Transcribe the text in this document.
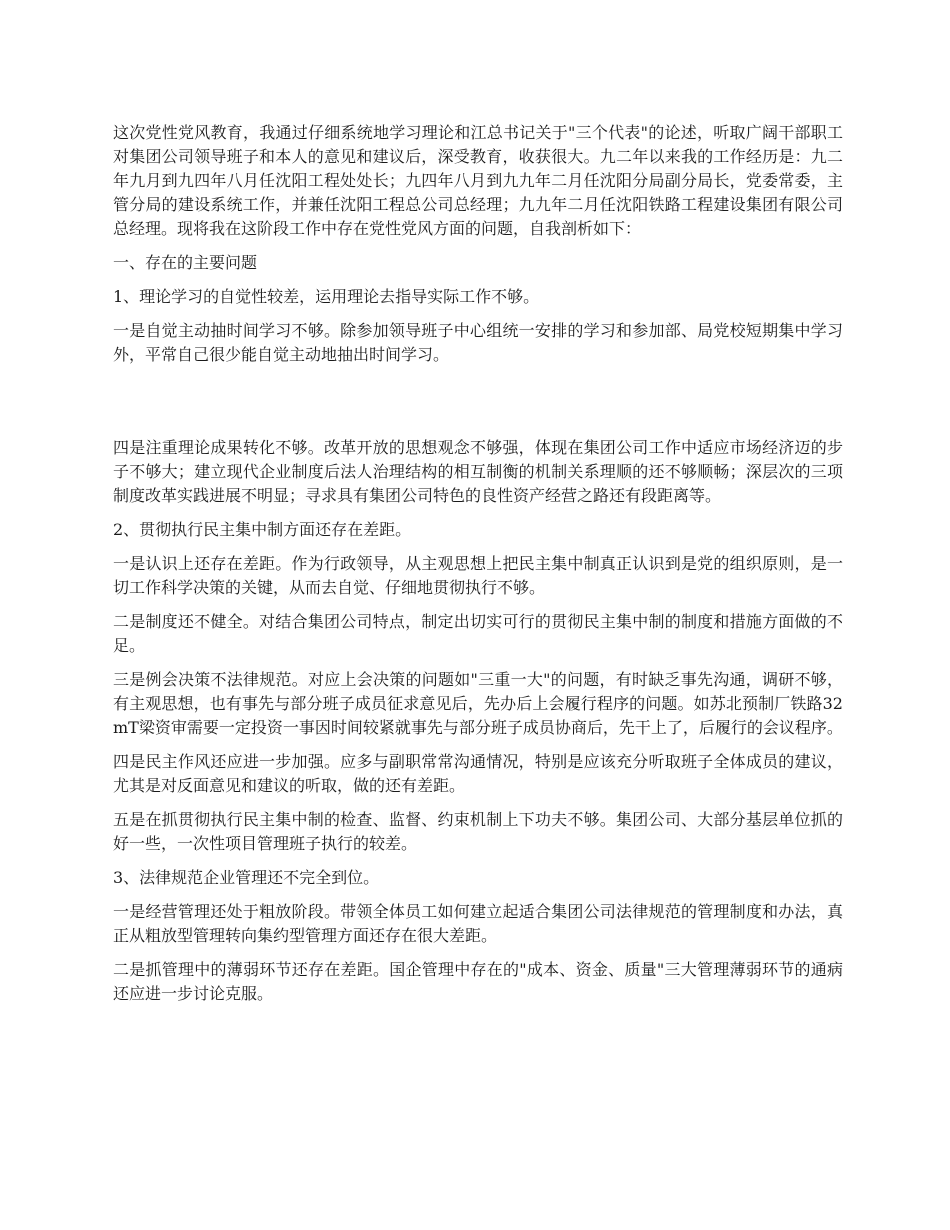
这次党性党风教育，我通过仔细系统地学习理论和江总书记关于"三个代表"的论述，听取广阔干部职工对集团公司领导班子和本人的意见和建议后，深受教育，收获很大。九二年以来我的工作经历是：九二年九月到九四年八月任沈阳工程处处长；九四年八月到九九年二月任沈阳分局副分局长，党委常委，主管分局的建设系统工作，并兼任沈阳工程总公司总经理；九九年二月任沈阳铁路工程建设集团有限公司总经理。现将我在这阶段工作中存在党性党风方面的问题，自我剖析如下：

一、存在的主要问题

1、理论学习的自觉性较差，运用理论去指导实际工作不够。

一是自觉主动抽时间学习不够。除参加领导班子中心组统一安排的学习和参加部、局党校短期集中学习外，平常自己很少能自觉主动地抽出时间学习。

四是注重理论成果转化不够。改革开放的思想观念不够强，体现在集团公司工作中适应市场经济迈的步子不够大；建立现代企业制度后法人治理结构的相互制衡的机制关系理顺的还不够顺畅；深层次的三项制度改革实践进展不明显；寻求具有集团公司特色的良性资产经营之路还有段距离等。

2、贯彻执行民主集中制方面还存在差距。

一是认识上还存在差距。作为行政领导，从主观思想上把民主集中制真正认识到是党的组织原则，是一切工作科学决策的关键，从而去自觉、仔细地贯彻执行不够。

二是制度还不健全。对结合集团公司特点，制定出切实可行的贯彻民主集中制的制度和措施方面做的不足。

三是例会决策不法律规范。对应上会决策的问题如"三重一大"的问题，有时缺乏事先沟通，调研不够，有主观思想，也有事先与部分班子成员征求意见后，先办后上会履行程序的问题。如苏北预制厂铁路32mT梁资审需要一定投资一事因时间较紧就事先与部分班子成员协商后，先干上了，后履行的会议程序。

四是民主作风还应进一步加强。应多与副职常常沟通情况，特别是应该充分听取班子全体成员的建议，尤其是对反面意见和建议的听取，做的还有差距。

五是在抓贯彻执行民主集中制的检查、监督、约束机制上下功夫不够。集团公司、大部分基层单位抓的好一些，一次性项目管理班子执行的较差。

3、法律规范企业管理还不完全到位。

一是经营管理还处于粗放阶段。带领全体员工如何建立起适合集团公司法律规范的管理制度和办法，真正从粗放型管理转向集约型管理方面还存在很大差距。

二是抓管理中的薄弱环节还存在差距。国企管理中存在的"成本、资金、质量"三大管理薄弱环节的通病还应进一步讨论克服。
